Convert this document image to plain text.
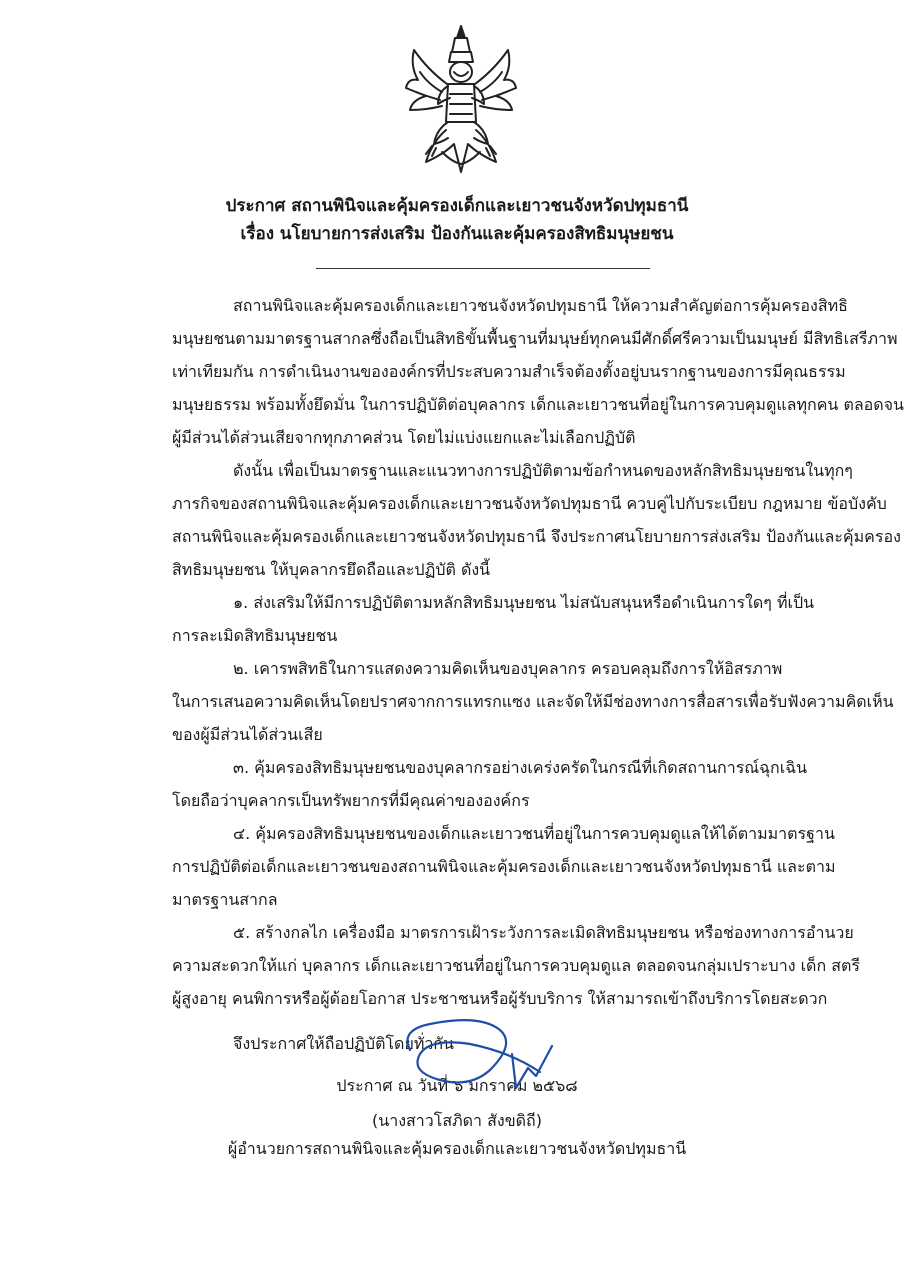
ประกาศ สถานพินิจและคุ้มครองเด็กและเยาวชนจังหวัดปทุมธานี
เรื่อง นโยบายการส่งเสริม ป้องกันและคุ้มครองสิทธิมนุษยชน
สถานพินิจและคุ้มครองเด็กและเยาวชนจังหวัดปทุมธานี ให้ความสำคัญต่อการคุ้มครองสิทธิ
มนุษยชนตามมาตรฐานสากลซึ่งถือเป็นสิทธิขั้นพื้นฐานที่มนุษย์ทุกคนมีศักดิ์ศรีความเป็นมนุษย์ มีสิทธิเสรีภาพ
เท่าเทียมกัน การดำเนินงานขององค์กรที่ประสบความสำเร็จต้องตั้งอยู่บนรากฐานของการมีคุณธรรม
มนุษยธรรม พร้อมทั้งยึดมั่น ในการปฏิบัติต่อบุคลากร เด็กและเยาวชนที่อยู่ในการควบคุมดูแลทุกคน ตลอดจน
ผู้มีส่วนได้ส่วนเสียจากทุกภาคส่วน โดยไม่แบ่งแยกและไม่เลือกปฏิบัติ
ดังนั้น เพื่อเป็นมาตรฐานและแนวทางการปฏิบัติตามข้อกำหนดของหลักสิทธิมนุษยชนในทุกๆ
ภารกิจของสถานพินิจและคุ้มครองเด็กและเยาวชนจังหวัดปทุมธานี ควบคู่ไปกับระเบียบ กฎหมาย ข้อบังคับ
สถานพินิจและคุ้มครองเด็กและเยาวชนจังหวัดปทุมธานี จึงประกาศนโยบายการส่งเสริม ป้องกันและคุ้มครอง
สิทธิมนุษยชน ให้บุคลากรยึดถือและปฏิบัติ ดังนี้
๑. ส่งเสริมให้มีการปฏิบัติตามหลักสิทธิมนุษยชน ไม่สนับสนุนหรือดำเนินการใดๆ ที่เป็น
การละเมิดสิทธิมนุษยชน
๒. เคารพสิทธิในการแสดงความคิดเห็นของบุคลากร ครอบคลุมถึงการให้อิสรภาพ
ในการเสนอความคิดเห็นโดยปราศจากการแทรกแซง และจัดให้มีช่องทางการสื่อสารเพื่อรับฟังความคิดเห็น
ของผู้มีส่วนได้ส่วนเสีย
๓. คุ้มครองสิทธิมนุษยชนของบุคลากรอย่างเคร่งครัดในกรณีที่เกิดสถานการณ์ฉุกเฉิน
โดยถือว่าบุคลากรเป็นทรัพยากรที่มีคุณค่าขององค์กร
๔. คุ้มครองสิทธิมนุษยชนของเด็กและเยาวชนที่อยู่ในการควบคุมดูแลให้ได้ตามมาตรฐาน
การปฏิบัติต่อเด็กและเยาวชนของสถานพินิจและคุ้มครองเด็กและเยาวชนจังหวัดปทุมธานี และตาม
มาตรฐานสากล
๕. สร้างกลไก เครื่องมือ มาตรการเฝ้าระวังการละเมิดสิทธิมนุษยชน หรือช่องทางการอำนวย
ความสะดวกให้แก่ บุคลากร เด็กและเยาวชนที่อยู่ในการควบคุมดูแล ตลอดจนกลุ่มเปราะบาง เด็ก สตรี
ผู้สูงอายุ คนพิการหรือผู้ด้อยโอกาส ประชาชนหรือผู้รับบริการ ให้สามารถเข้าถึงบริการโดยสะดวก
จึงประกาศให้ถือปฏิบัติโดยทั่วกัน
ประกาศ ณ วันที่ ๖ มกราคม ๒๕๖๘
(นางสาวโสภิดา สังขดิถี)
ผู้อำนวยการสถานพินิจและคุ้มครองเด็กและเยาวชนจังหวัดปทุมธานี
